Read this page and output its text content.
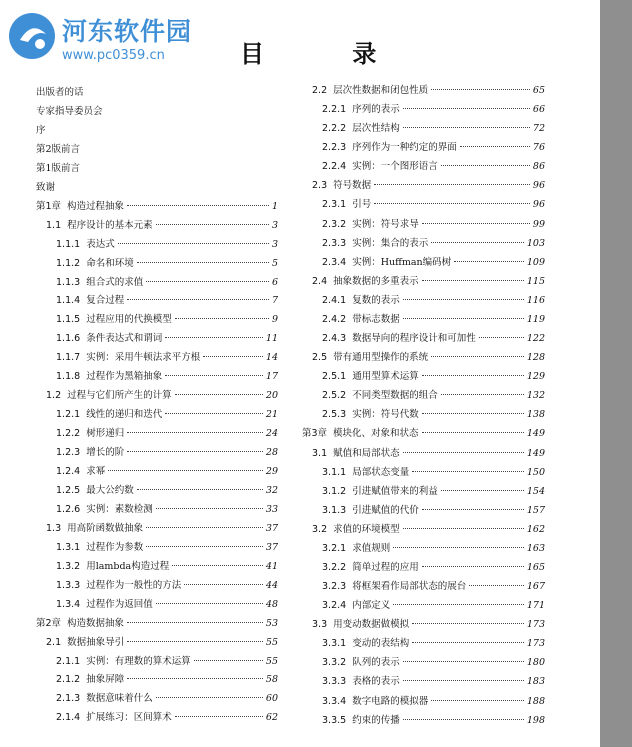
河东软件园
www.pc0359.cn	目 录
出版者的话
专家指导委员会
序
第2版前言
第1版前言
致谢
第1章 构造过程抽象	1
1.1 程序设计的基本元素	3
1.1.1 表达式	3
1.1.2 命名和环境	5
1.1.3 组合式的求值	6
1.1.4 复合过程	7
1.1.5 过程应用的代换模型	9
1.1.6 条件表达式和谓词	11
1.1.7 实例：采用牛顿法求平方根	14
1.1.8 过程作为黑箱抽象	17
1.2 过程与它们所产生的计算	20
1.2.1 线性的递归和迭代	21
1.2.2 树形递归	24
1.2.3 增长的阶	28
1.2.4 求幂	29
1.2.5 最大公约数	32
1.2.6 实例：素数检测	33
1.3 用高阶函数做抽象	37
1.3.1 过程作为参数	37
1.3.2 用lambda构造过程	41
1.3.3 过程作为一般性的方法	44
1.3.4 过程作为返回值	48
第2章 构造数据抽象	53
2.1 数据抽象导引	55
2.1.1 实例：有理数的算术运算	55
2.1.2 抽象屏障	58
2.1.3 数据意味着什么	60
2.1.4 扩展练习：区间算术	62
2.2 层次性数据和闭包性质	65
2.2.1 序列的表示	66
2.2.2 层次性结构	72
2.2.3 序列作为一种约定的界面	76
2.2.4 实例：一个图形语言	86
2.3 符号数据	96
2.3.1 引号	96
2.3.2 实例：符号求导	99
2.3.3 实例：集合的表示	103
2.3.4 实例：Huffman编码树	109
2.4 抽象数据的多重表示	115
2.4.1 复数的表示	116
2.4.2 带标志数据	119
2.4.3 数据导向的程序设计和可加性	122
2.5 带有通用型操作的系统	128
2.5.1 通用型算术运算	129
2.5.2 不同类型数据的组合	132
2.5.3 实例：符号代数	138
第3章 模块化、对象和状态	149
3.1 赋值和局部状态	149
3.1.1 局部状态变量	150
3.1.2 引进赋值带来的利益	154
3.1.3 引进赋值的代价	157
3.2 求值的环境模型	162
3.2.1 求值规则	163
3.2.2 简单过程的应用	165
3.2.3 将框架看作局部状态的展台	167
3.2.4 内部定义	171
3.3 用变动数据做模拟	173
3.3.1 变动的表结构	173
3.3.2 队列的表示	180
3.3.3 表格的表示	183
3.3.4 数字电路的模拟器	188
3.3.5 约束的传播	198
